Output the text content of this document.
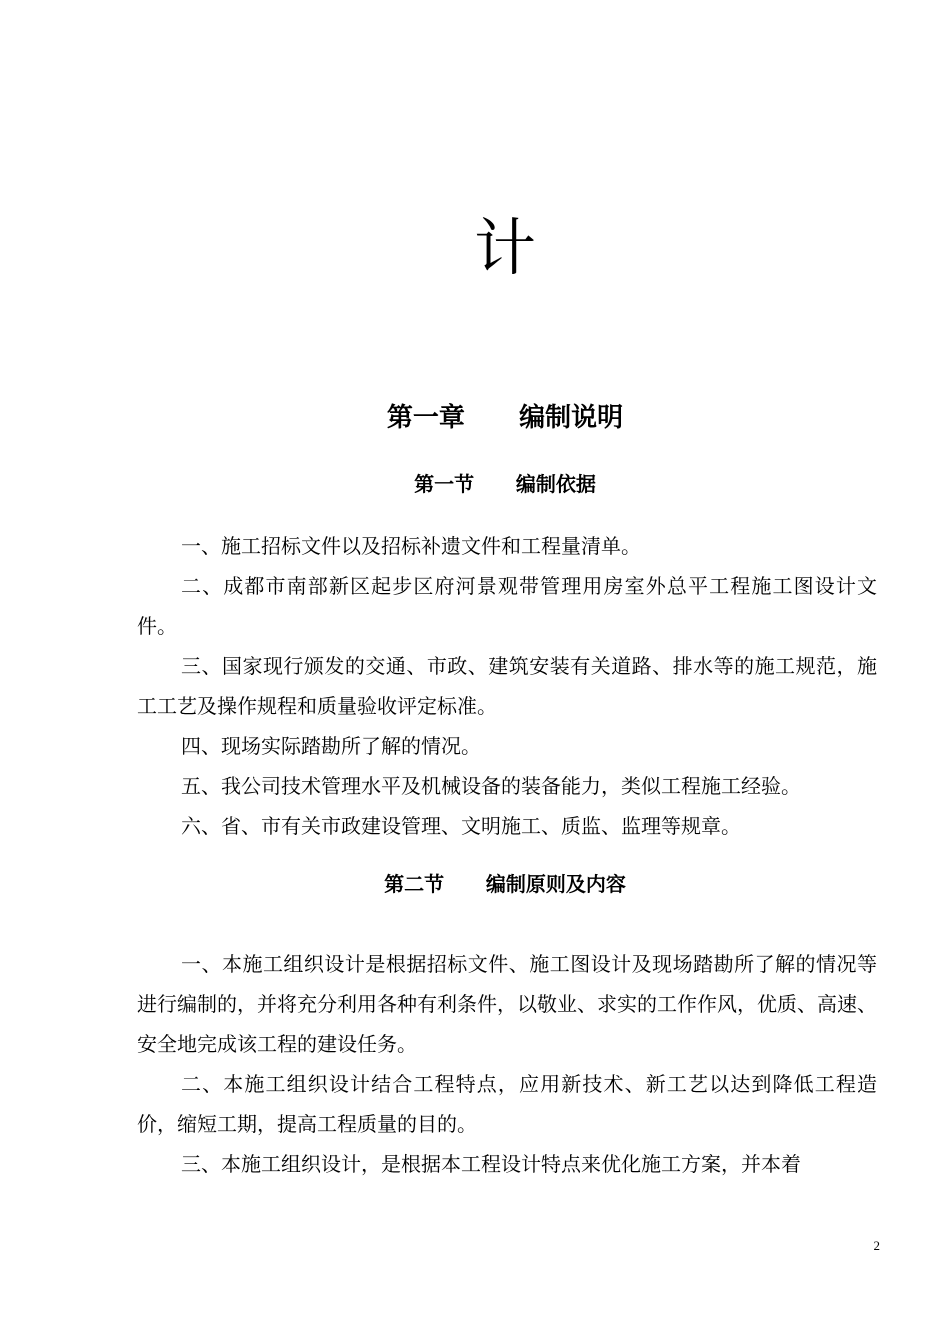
计
第一章      编制说明
第一节      编制依据

一、施工招标文件以及招标补遗文件和工程量清单。

二、成都市南部新区起步区府河景观带管理用房室外总平工程施工图设计文件。

三、国家现行颁发的交通、市政、建筑安装有关道路、排水等的施工规范，施工工艺及操作规程和质量验收评定标准。

四、现场实际踏勘所了解的情况。

五、我公司技术管理水平及机械设备的装备能力，类似工程施工经验。

六、省、市有关市政建设管理、文明施工、质监、监理等规章。

第二节      编制原则及内容

一、本施工组织设计是根据招标文件、施工图设计及现场踏勘所了解的情况等进行编制的，并将充分利用各种有利条件，以敬业、求实的工作作风，优质、高速、安全地完成该工程的建设任务。

二、本施工组织设计结合工程特点，应用新技术、新工艺以达到降低工程造价，缩短工期，提高工程质量的目的。

三、本施工组织设计，是根据本工程设计特点来优化施工方案，并本着

2
